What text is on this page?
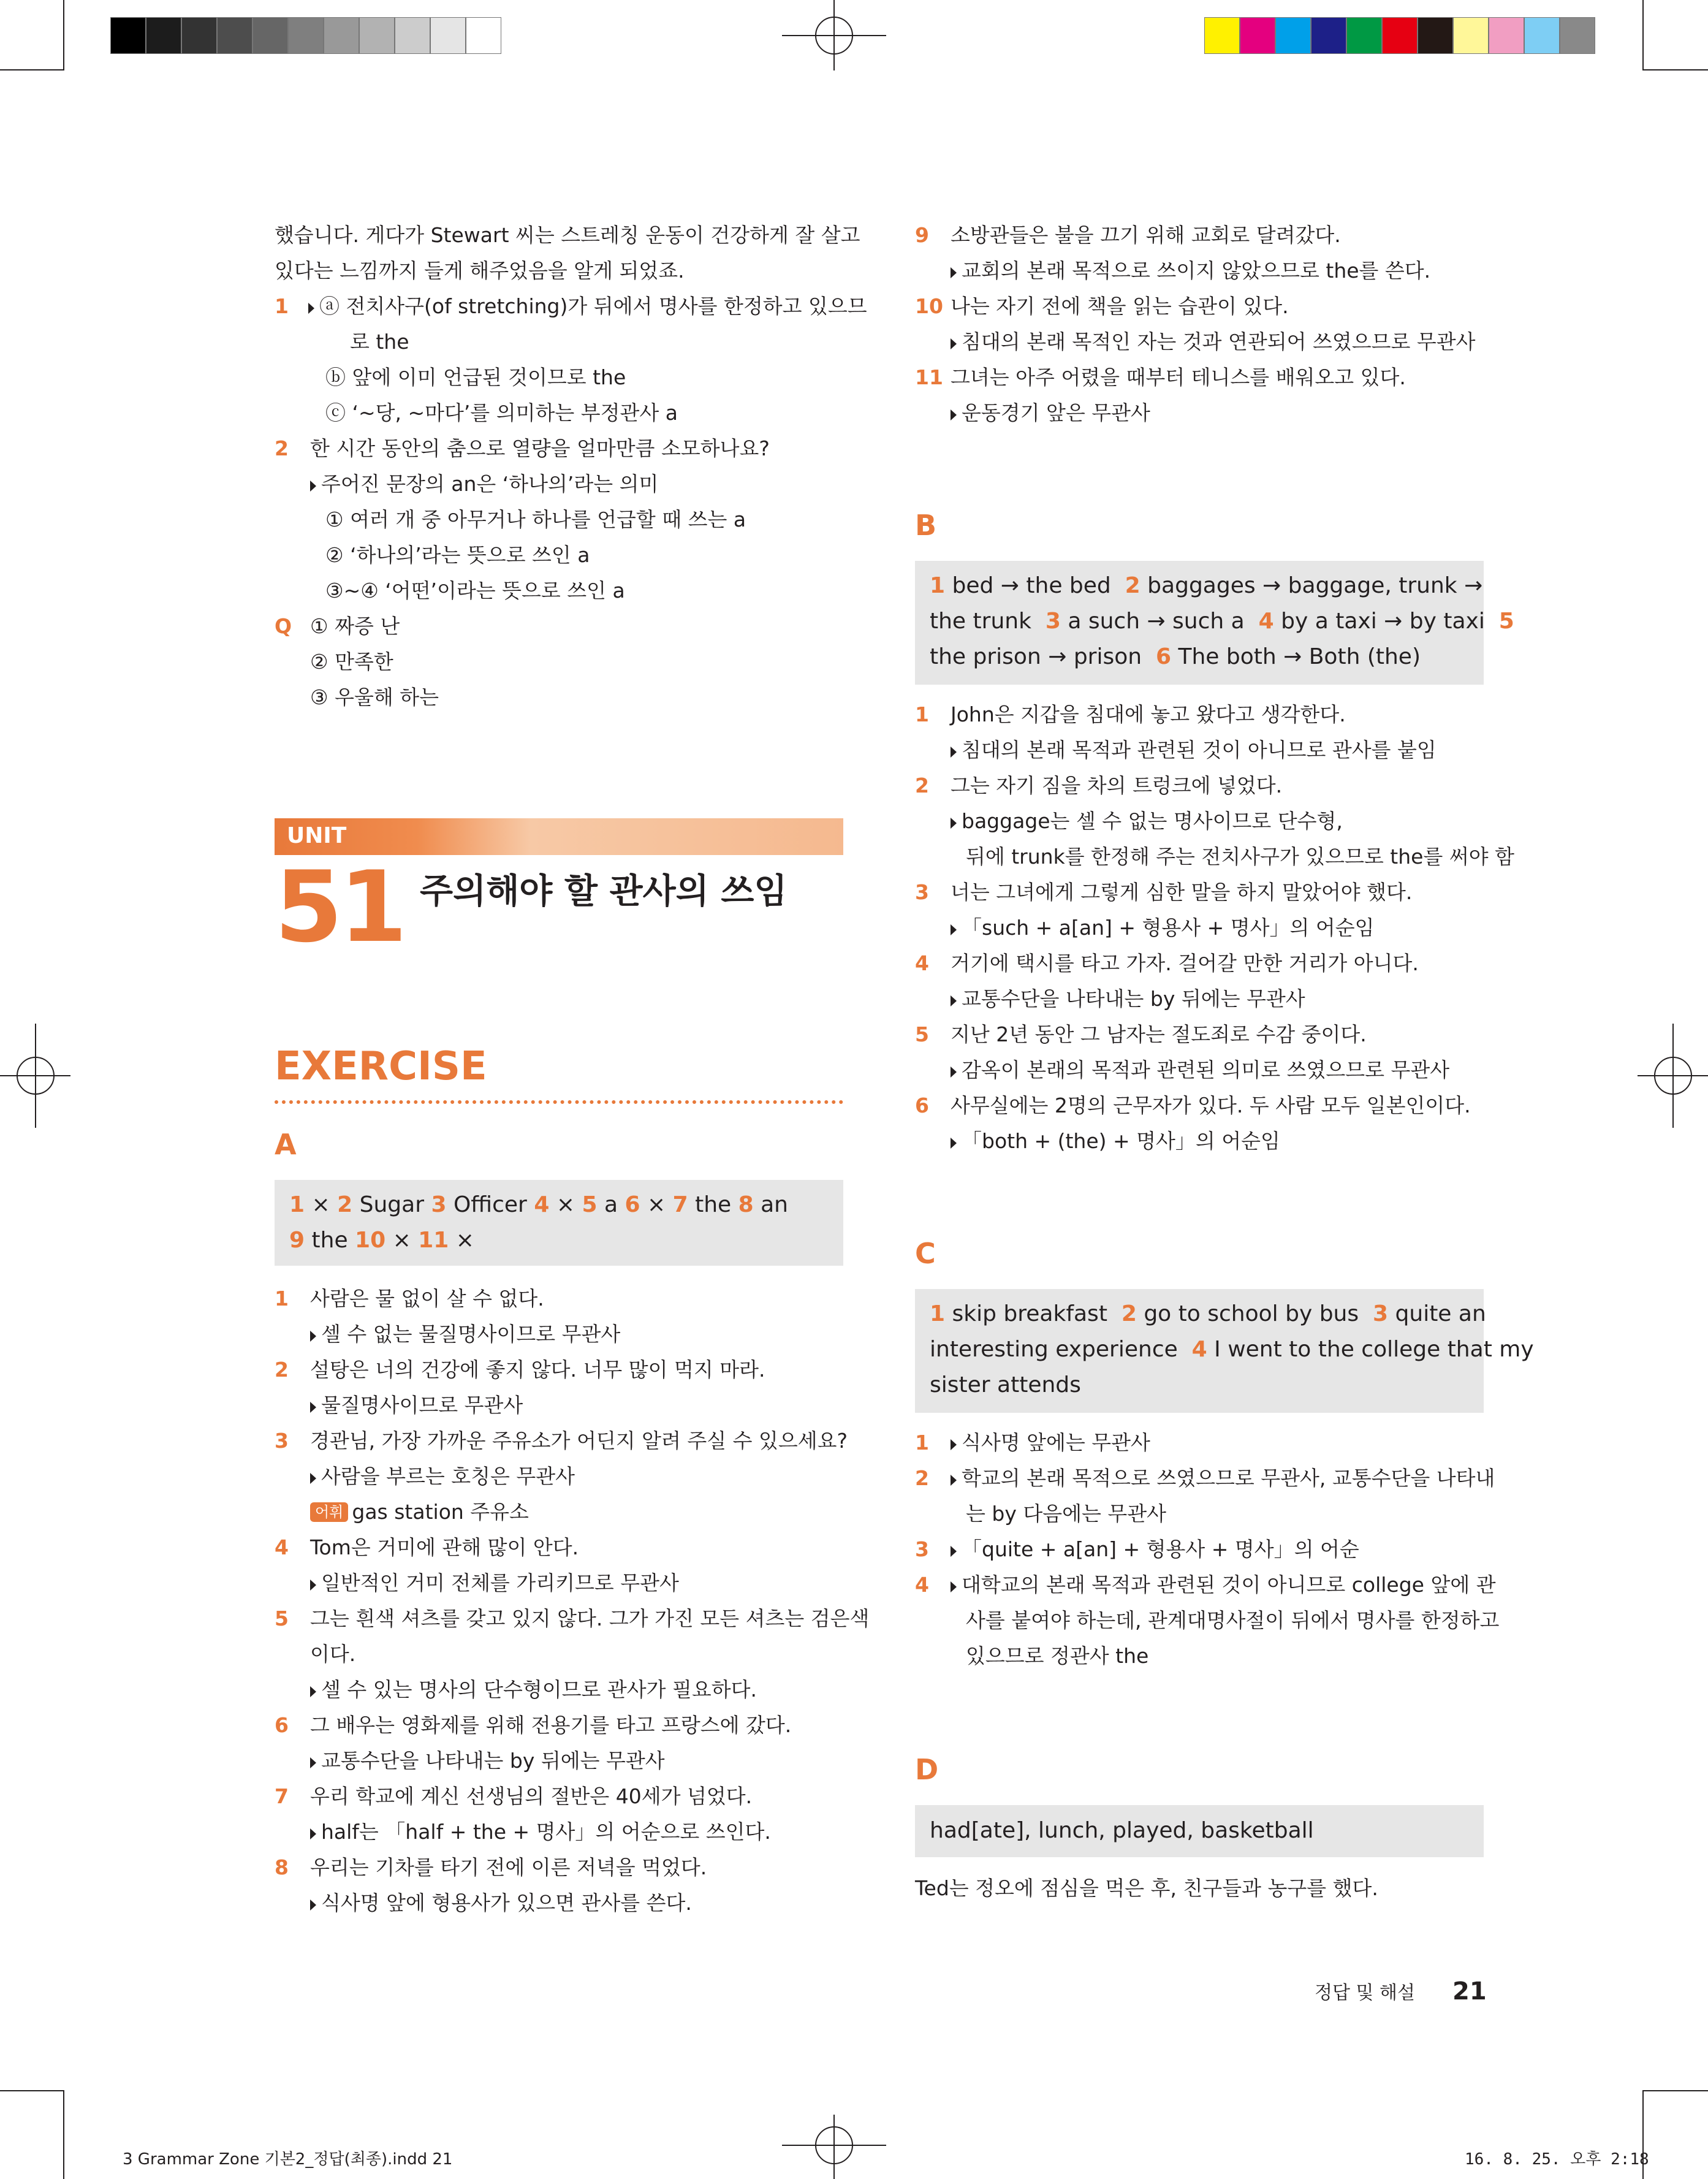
했습니다. 게다가 Stewart 씨는 스트레칭 운동이 건강하게 잘 살고
있다는 느낌까지 들게 해주었음을 알게 되었죠.
1 ⓐ 전치사구(of stretching)가 뒤에서 명사를 한정하고 있으므
로 the
ⓑ 앞에 이미 언급된 것이므로 the
ⓒ ‘~당, ~마다’를 의미하는 부정관사 a
2 한 시간 동안의 춤으로 열량을 얼마만큼 소모하나요?
주어진 문장의 an은 ‘하나의’라는 의미
① 여러 개 중 아무거나 하나를 언급할 때 쓰는 a
② ‘하나의’라는 뜻으로 쓰인 a
③~④ ‘어떤’이라는 뜻으로 쓰인 a
Q ① 짜증 난
② 만족한
③ 우울해 하는
UNIT
51 주의해야 할 관사의 쓰임
EXERCISE
A
1 × 2 Sugar 3 Officer 4 × 5 a 6 × 7 the 8 an
9 the 10 × 11 ×
1 사람은 물 없이 살 수 없다.
셀 수 없는 물질명사이므로 무관사
2 설탕은 너의 건강에 좋지 않다. 너무 많이 먹지 마라.
물질명사이므로 무관사
3 경관님, 가장 가까운 주유소가 어딘지 알려 주실 수 있으세요?
사람을 부르는 호칭은 무관사
어휘 gas station 주유소
4 Tom은 거미에 관해 많이 안다.
일반적인 거미 전체를 가리키므로 무관사
5 그는 흰색 셔츠를 갖고 있지 않다. 그가 가진 모든 셔츠는 검은색
이다.
셀 수 있는 명사의 단수형이므로 관사가 필요하다.
6 그 배우는 영화제를 위해 전용기를 타고 프랑스에 갔다.
교통수단을 나타내는 by 뒤에는 무관사
7 우리 학교에 계신 선생님의 절반은 40세가 넘었다.
half는 「half + the + 명사」의 어순으로 쓰인다.
8 우리는 기차를 타기 전에 이른 저녁을 먹었다.
식사명 앞에 형용사가 있으면 관사를 쓴다.
9 소방관들은 불을 끄기 위해 교회로 달려갔다.
교회의 본래 목적으로 쓰이지 않았으므로 the를 쓴다.
10 나는 자기 전에 책을 읽는 습관이 있다.
침대의 본래 목적인 자는 것과 연관되어 쓰였으므로 무관사
11 그녀는 아주 어렸을 때부터 테니스를 배워오고 있다.
운동경기 앞은 무관사
B
1 bed → the bed  2 baggages → baggage, trunk →
the trunk  3 a such → such a  4 by a taxi → by taxi  5
the prison → prison  6 The both → Both (the)
1 John은 지갑을 침대에 놓고 왔다고 생각한다.
침대의 본래 목적과 관련된 것이 아니므로 관사를 붙임
2 그는 자기 짐을 차의 트렁크에 넣었다.
baggage는 셀 수 없는 명사이므로 단수형,
뒤에 trunk를 한정해 주는 전치사구가 있으므로 the를 써야 함
3 너는 그녀에게 그렇게 심한 말을 하지 말았어야 했다.
「such + a[an] + 형용사 + 명사」의 어순임
4 거기에 택시를 타고 가자. 걸어갈 만한 거리가 아니다.
교통수단을 나타내는 by 뒤에는 무관사
5 지난 2년 동안 그 남자는 절도죄로 수감 중이다.
감옥이 본래의 목적과 관련된 의미로 쓰였으므로 무관사
6 사무실에는 2명의 근무자가 있다. 두 사람 모두 일본인이다.
「both + (the) + 명사」의 어순임
C
1 skip breakfast  2 go to school by bus  3 quite an
interesting experience  4 I went to the college that my
sister attends
1 식사명 앞에는 무관사
2 학교의 본래 목적으로 쓰였으므로 무관사, 교통수단을 나타내
는 by 다음에는 무관사
3 「quite + a[an] + 형용사 + 명사」의 어순
4 대학교의 본래 목적과 관련된 것이 아니므로 college 앞에 관
사를 붙여야 하는데, 관계대명사절이 뒤에서 명사를 한정하고
있으므로 정관사 the
D
had[ate], lunch, played, basketball
Ted는 정오에 점심을 먹은 후, 친구들과 농구를 했다.
정답 및 해설 21
3 Grammar Zone 기본2_정답(최종).indd 21	16. 8. 25. 오후 2:18
